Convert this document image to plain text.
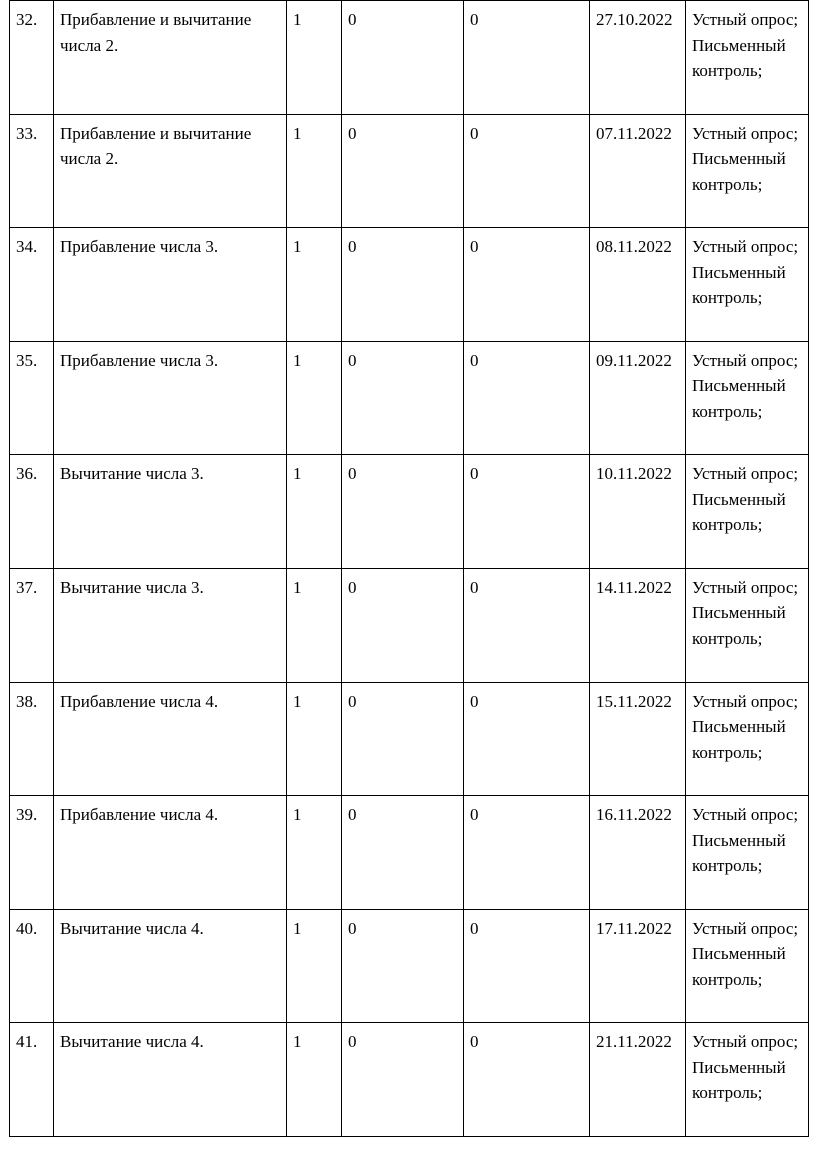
32.	Прибавление и вычитание числа 2.	1	0	0	27.10.2022	Устный опрос; Письменный контроль;
33.	Прибавление и вычитание числа 2.	1	0	0	07.11.2022	Устный опрос; Письменный контроль;
34.	Прибавление числа 3.	1	0	0	08.11.2022	Устный опрос; Письменный контроль;
35.	Прибавление числа 3.	1	0	0	09.11.2022	Устный опрос; Письменный контроль;
36.	Вычитание числа 3.	1	0	0	10.11.2022	Устный опрос; Письменный контроль;
37.	Вычитание числа 3.	1	0	0	14.11.2022	Устный опрос; Письменный контроль;
38.	Прибавление числа 4.	1	0	0	15.11.2022	Устный опрос; Письменный контроль;
39.	Прибавление числа 4.	1	0	0	16.11.2022	Устный опрос; Письменный контроль;
40.	Вычитание числа 4.	1	0	0	17.11.2022	Устный опрос; Письменный контроль;
41.	Вычитание числа 4.	1	0	0	21.11.2022	Устный опрос; Письменный контроль;
